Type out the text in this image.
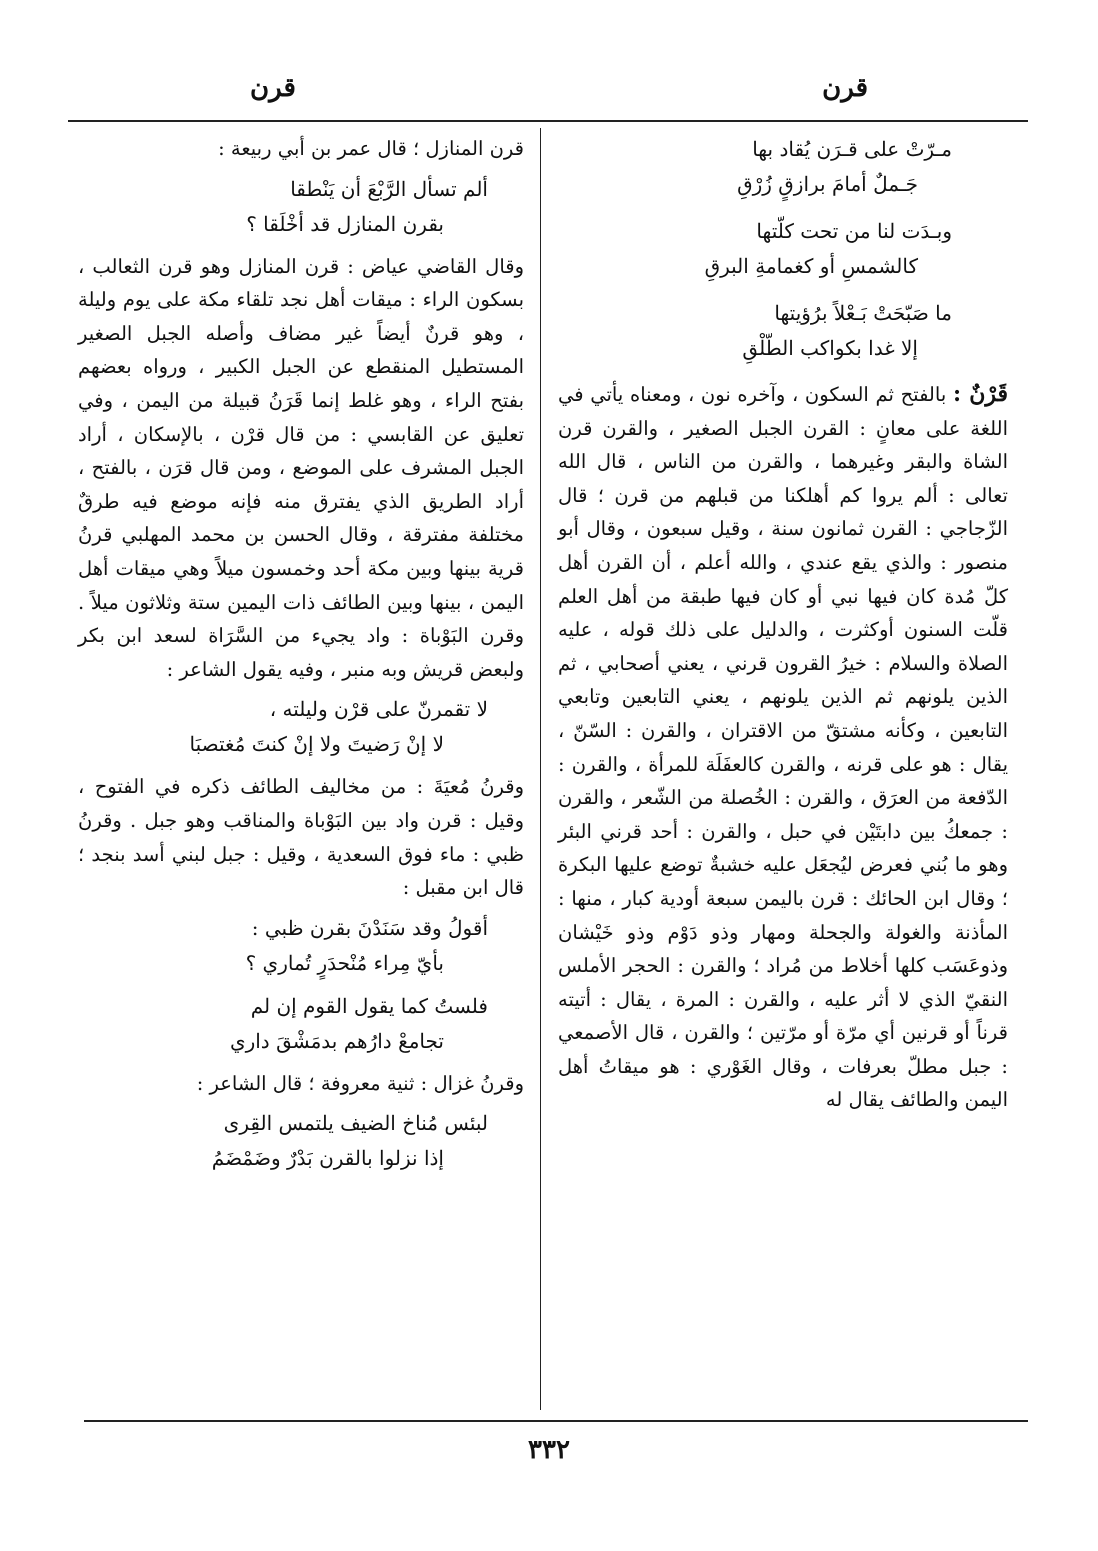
قرن
قرن
مـرّتْ على قـرَن يُقاد بها
جَـملٌ أمامَ برازقٍ زُرْقِ
وبـدَت لنا من تحت كلّتها
كالشمسِ أو كغمامةِ البرقِ
ما صَبّحَتْ بَـعْلاً برُؤيتها
إلا غدا بكواكب الطّلْقِ

قَرْنٌ : بالفتح ثم السكون ، وآخره نون ، ومعناه يأتي في اللغة على معانٍ : القرن الجبل الصغير ، والقرن قرن الشاة والبقر وغيرهما ، والقرن من الناس ، قال الله تعالى : ألم يروا كم أهلكنا من قبلهم من قرن ؛ قال الزّجاجي : القرن ثمانون سنة ، وقيل سبعون ، وقال أبو منصور : والذي يقع عندي ، والله أعلم ، أن القرن أهل كلّ مُدة كان فيها نبي أو كان فيها طبقة من أهل العلم قلّت السنون أوكثرت ، والدليل على ذلك قوله ، عليه الصلاة والسلام : خيرُ القرون قرني ، يعني أصحابي ، ثم الذين يلونهم ثم الذين يلونهم ، يعني التابعين وتابعي التابعين ، وكأنه مشتقّ من الاقتران ، والقرن : السّنّ ، يقال : هو على قرنه ، والقرن كالعفَلَة للمرأة ، والقرن : الدّفعة من العرَق ، والقرن : الخُصلة من الشّعر ، والقرن : جمعكُ بين دابتَيْن في حبل ، والقرن : أحد قرني البئر وهو ما بُني فعرض ليُجعَل عليه خشبةٌ توضع عليها البكرة ؛ وقال ابن الحائك : قرن باليمن سبعة أودية كبار ، منها : المأذنة والغولة والجحلة ومهار وذو دَوْم وذو خَيْشان وذوعَسَب كلها أخلاط من مُراد ؛ والقرن : الحجر الأملس النقيّ الذي لا أثر عليه ، والقرن : المرة ، يقال : أتيته قرناً أو قرنين أي مرّة أو مرّتين ؛ والقرن ، قال الأصمعي : جبل مطلّ بعرفات ، وقال الغَوْري : هو ميقاتُ أهل اليمن والطائف يقال له

قرن المنازل ؛ قال عمر بن أبي ربيعة :

ألم تسأل الرَّبْعَ أن يَنْطقا
بقرن المنازل قد أخْلَقا ؟

وقال القاضي عياض : قرن المنازل وهو قرن الثعالب ، بسكون الراء : ميقات أهل نجد تلقاء مكة على يوم وليلة ، وهو قرنٌ أيضاً غير مضاف وأصله الجبل الصغير المستطيل المنقطع عن الجبل الكبير ، ورواه بعضهم بفتح الراء ، وهو غلط إنما قَرَنُ قبيلة من اليمن ، وفي تعليق عن القابسي : من قال قرْن ، بالإسكان ، أراد الجبل المشرف على الموضع ، ومن قال قرَن ، بالفتح ، أراد الطريق الذي يفترق منه فإنه موضع فيه طرقٌ مختلفة مفترقة ، وقال الحسن بن محمد المهلبي قرنُ قرية بينها وبين مكة أحد وخمسون ميلاً وهي ميقات أهل اليمن ، بينها وبين الطائف ذات اليمين ستة وثلاثون ميلاً . وقرن البَوْباة : واد يجيء من السَّرَاة لسعد ابن بكر ولبعض قريش وبه منبر ، وفيه يقول الشاعر :

لا تقمرنّ على قرْن وليلته ،
لا إنْ رَضيتَ ولا إنْ كنتَ مُغتصبَا

وقرنُ مُعيَةَ : من مخاليف الطائف ذكره في الفتوح ، وقيل : قرن واد بين البَوْباة والمناقب وهو جبل . وقرنُ ظبي : ماء فوق السعدية ، وقيل : جبل لبني أسد بنجد ؛ قال ابن مقبل :

أقولُ وقد سَنَدْنَ بقرن ظبي :
بأيّ مِراء مُنْحدَرٍ تُماري ؟
فلستُ كما يقول القوم إن لم
تجامعْ دارُهم بدمَشْقَ داري

وقرنُ غزال : ثنية معروفة ؛ قال الشاعر :

لبئس مُناخ الضيف يلتمس القِرى
إذا نزلوا بالقرن بَدْرٌ وضَمْضَمُ
٣٣٢
